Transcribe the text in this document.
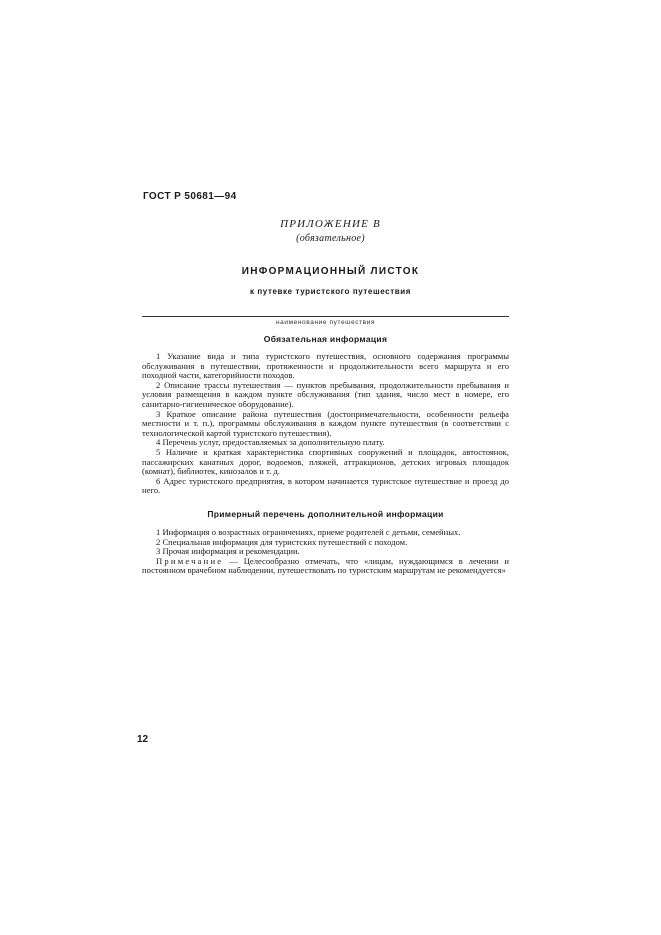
ГОСТ Р 50681—94
ПРИЛОЖЕНИЕ В
(обязательное)
ИНФОРМАЦИОННЫЙ ЛИСТОК
к путевке туристского путешествия
наименование путешествия
Обязательная информация

1 Указание вида и типа туристского путешествия, основного содержания программы обслуживания в путешествии, протяженности и продолжительности всего маршрута и его походной части, категорийности походов.

2 Описание трассы путешествия — пунктов пребывания, продолжительности пребывания и условия размещения в каждом пункте обслуживания (тип здания, число мест в номере, его санитарно-гигиеническое оборудование).

3 Краткое описание района путешествия (достопримечательности, особенности рельефа местности и т. п.), программы обслуживания в каждом пункте путешествия (в соответствии с технологической картой туристского путешествия).

4 Перечень услуг, предоставляемых за дополнительную плату.

5 Наличие и краткая характеристика спортивных сооружений и площадок, автостоянок, пассажирских канатных дорог, водоемов, пляжей, аттракционов, детских игровых площадок (комнат), библиотек, кинозалов и т. д.

6 Адрес туристского предприятия, в котором начинается туристское путешествие и проезд до него.

Примерный перечень дополнительной информации

1 Информация о возрастных ограничениях, приеме родителей с детьми, семейных.

2 Специальная информация для туристских путешествий с походом.

3 Прочая информация и рекомендации.

Примечание — Целесообразно отмечать, что «лицам, нуждающимся в лечении и постоянном врачебном наблюдении, путешествовать по туристским маршрутам не рекомендуется»

12
